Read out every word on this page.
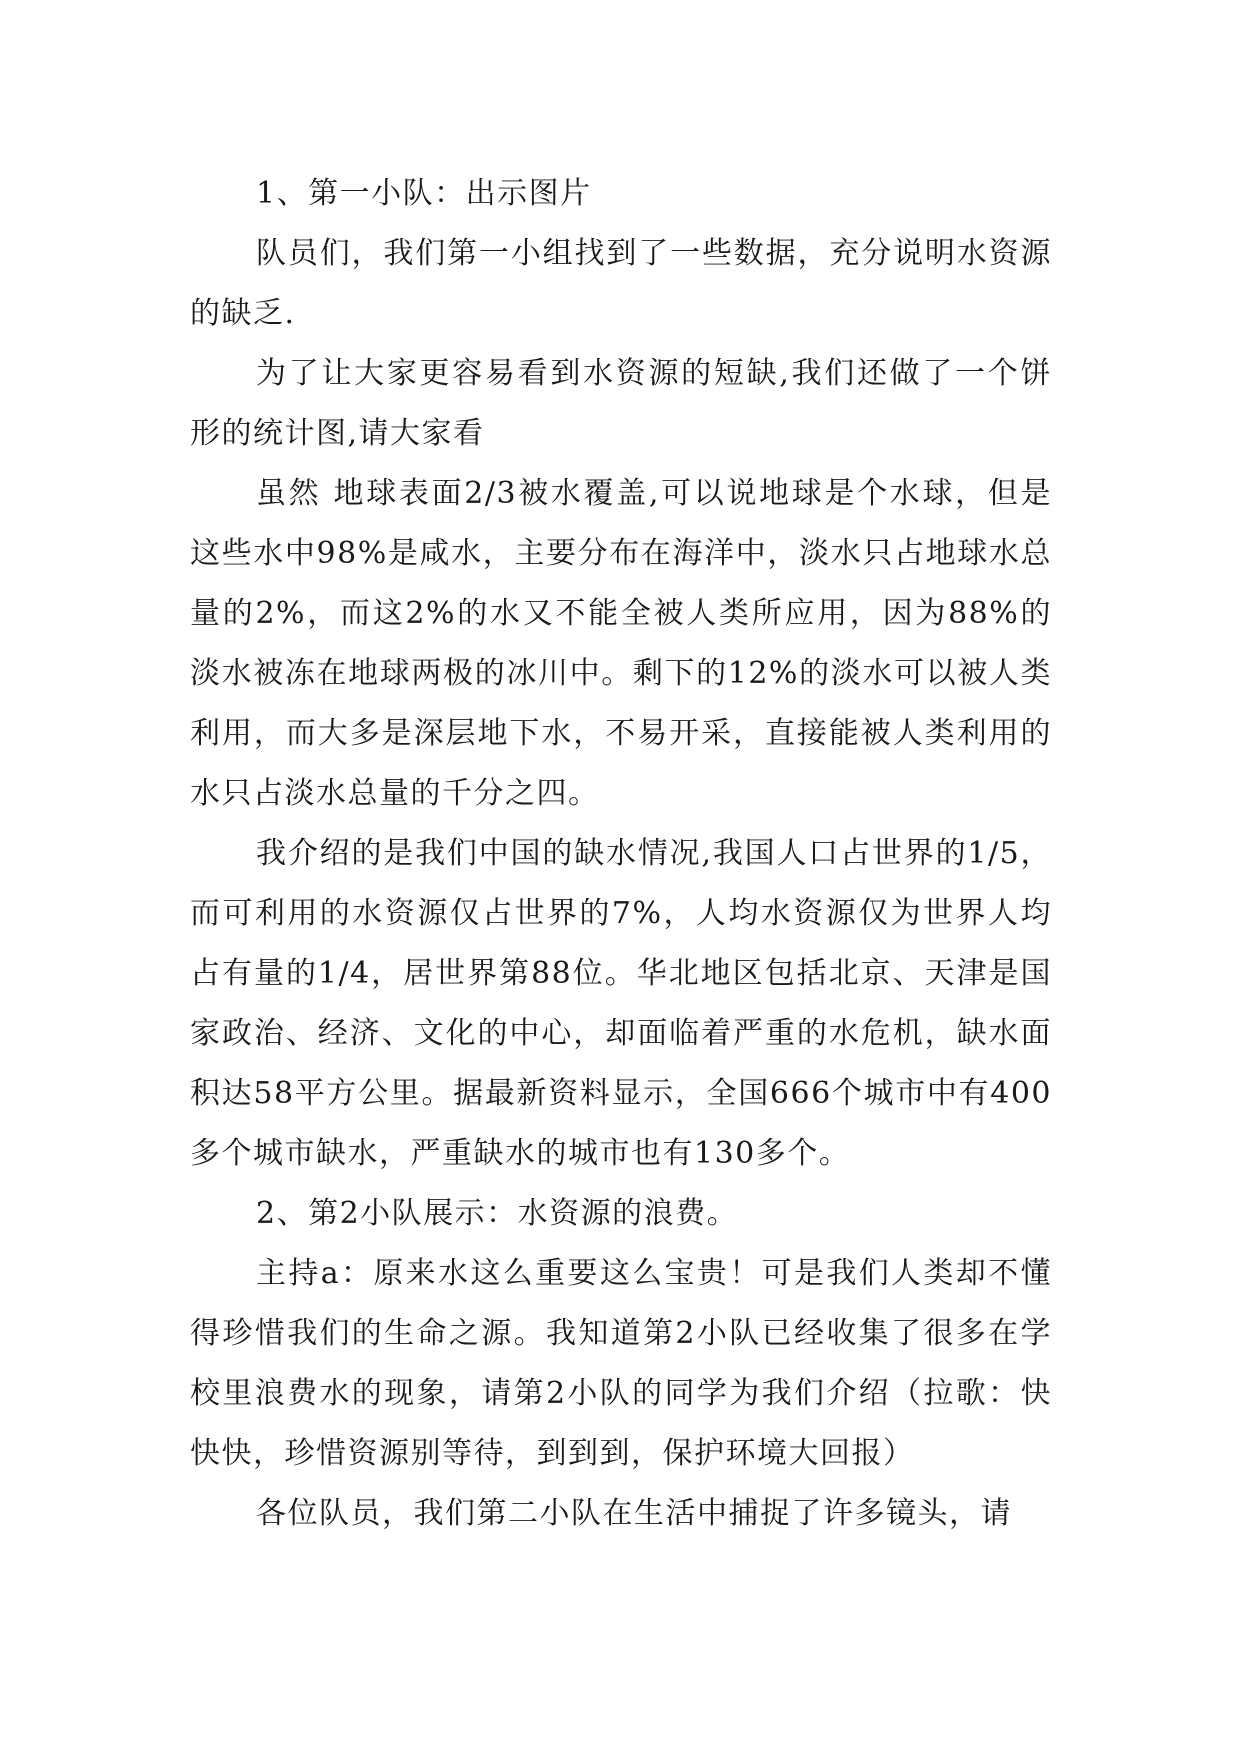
1、第一小队：出示图片

队员们，我们第一小组找到了一些数据，充分说明水资源的缺乏.

为了让大家更容易看到水资源的短缺,我们还做了一个饼形的统计图,请大家看

虽然 地球表面2/3被水覆盖,可以说地球是个水球，但是这些水中98%是咸水，主要分布在海洋中，淡水只占地球水总量的2%，而这2%的水又不能全被人类所应用，因为88%的淡水被冻在地球两极的冰川中。剩下的12%的淡水可以被人类利用，而大多是深层地下水，不易开采，直接能被人类利用的水只占淡水总量的千分之四。

我介绍的是我们中国的缺水情况,我国人口占世界的1/5，而可利用的水资源仅占世界的7%，人均水资源仅为世界人均占有量的1/4，居世界第88位。华北地区包括北京、天津是国家政治、经济、文化的中心，却面临着严重的水危机，缺水面积达58平方公里。据最新资料显示，全国666个城市中有400多个城市缺水，严重缺水的城市也有130多个。

2、第2小队展示：水资源的浪费。

主持a：原来水这么重要这么宝贵！可是我们人类却不懂得珍惜我们的生命之源。我知道第2小队已经收集了很多在学校里浪费水的现象，请第2小队的同学为我们介绍（拉歌：快快快，珍惜资源别等待，到到到，保护环境大回报）

各位队员，我们第二小队在生活中捕捉了许多镜头，请
